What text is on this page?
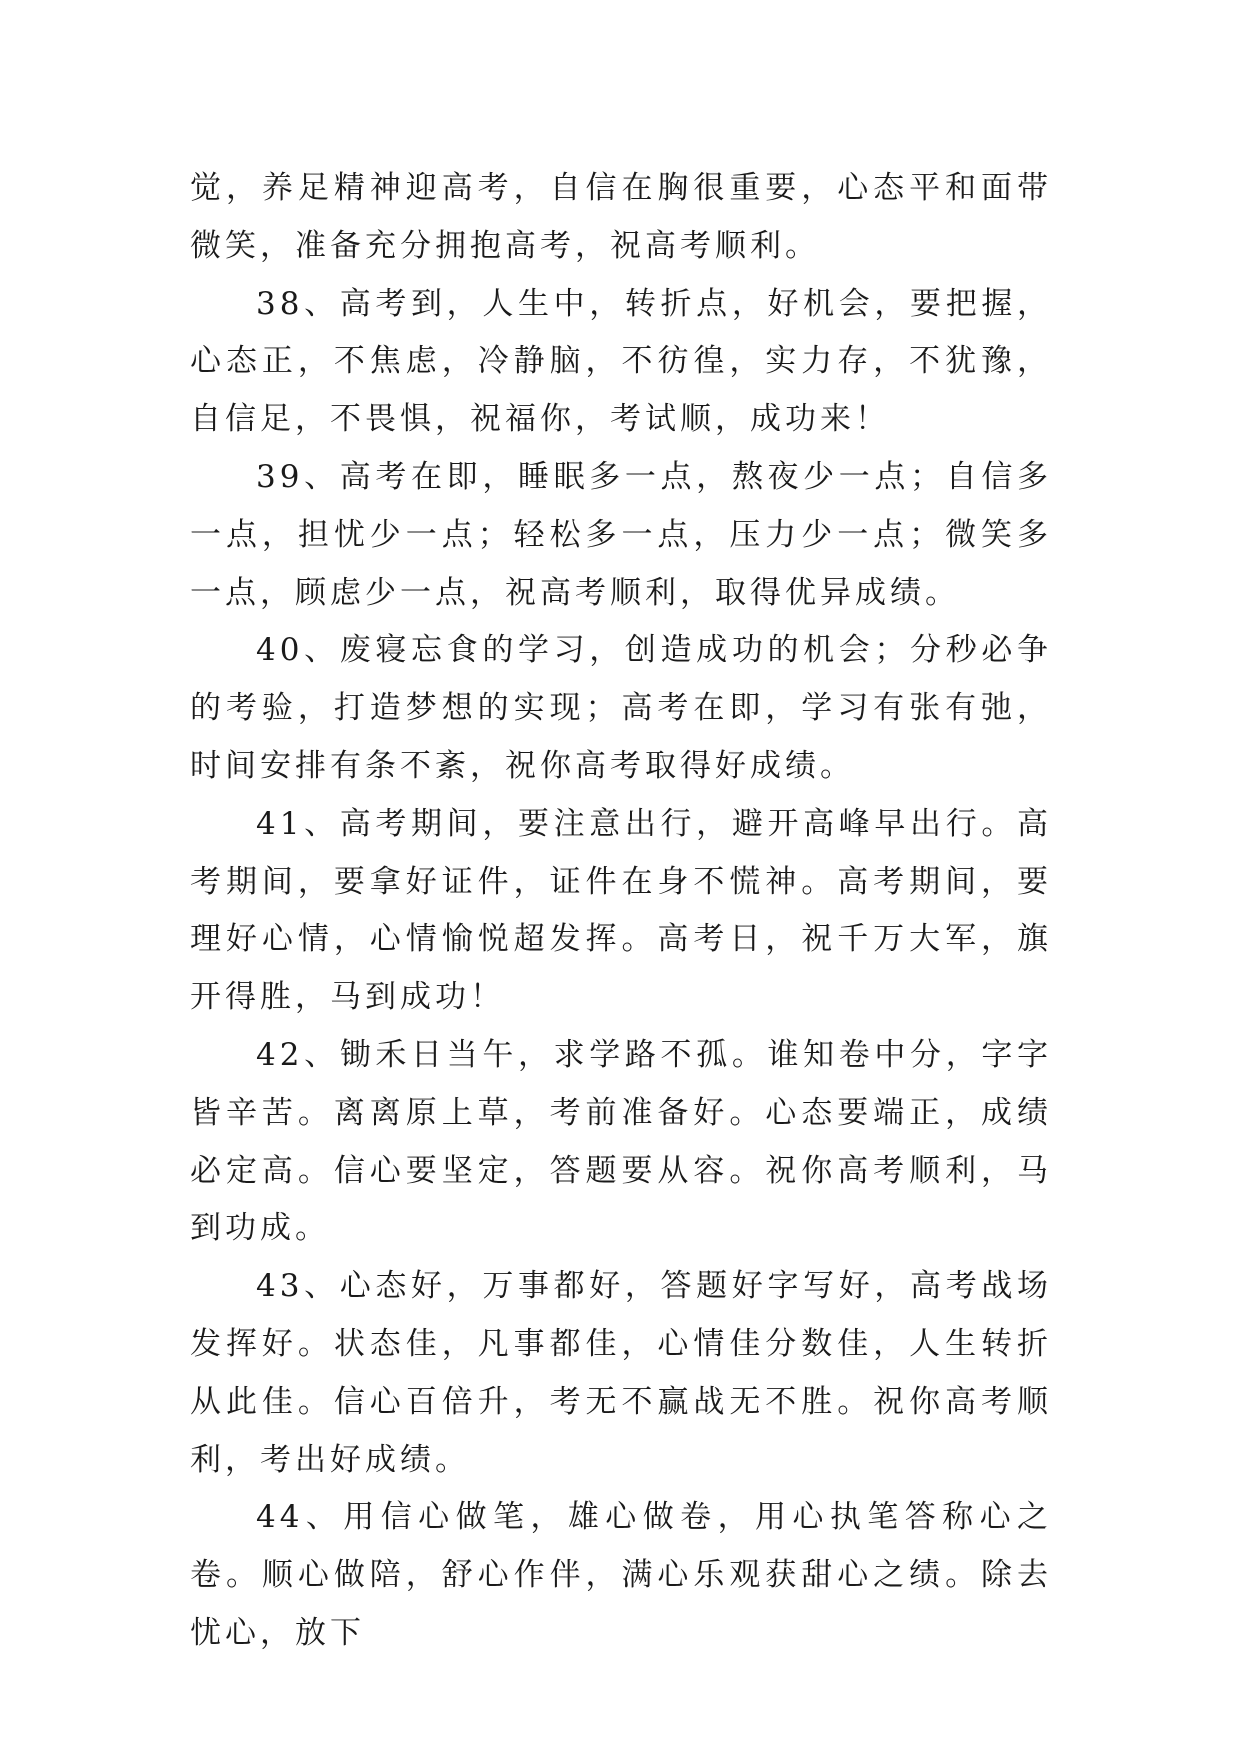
觉，养足精神迎高考，自信在胸很重要，心态平和面带微笑，准备充分拥抱高考，祝高考顺利。

38、高考到，人生中，转折点，好机会，要把握，心态正，不焦虑，冷静脑，不彷徨，实力存，不犹豫，自信足，不畏惧，祝福你，考试顺，成功来！

39、高考在即，睡眠多一点，熬夜少一点；自信多一点，担忧少一点；轻松多一点，压力少一点；微笑多一点，顾虑少一点，祝高考顺利，取得优异成绩。

40、废寝忘食的学习，创造成功的机会；分秒必争的考验，打造梦想的实现；高考在即，学习有张有弛，时间安排有条不紊，祝你高考取得好成绩。

41、高考期间，要注意出行，避开高峰早出行。高考期间，要拿好证件，证件在身不慌神。高考期间，要理好心情，心情愉悦超发挥。高考日，祝千万大军，旗开得胜，马到成功！

42、锄禾日当午，求学路不孤。谁知卷中分，字字皆辛苦。离离原上草，考前准备好。心态要端正，成绩必定高。信心要坚定，答题要从容。祝你高考顺利，马到功成。

43、心态好，万事都好，答题好字写好，高考战场发挥好。状态佳，凡事都佳，心情佳分数佳，人生转折从此佳。信心百倍升，考无不赢战无不胜。祝你高考顺利，考出好成绩。

44、用信心做笔，雄心做卷，用心执笔答称心之卷。顺心做陪，舒心作伴，满心乐观获甜心之绩。除去忧心，放下
